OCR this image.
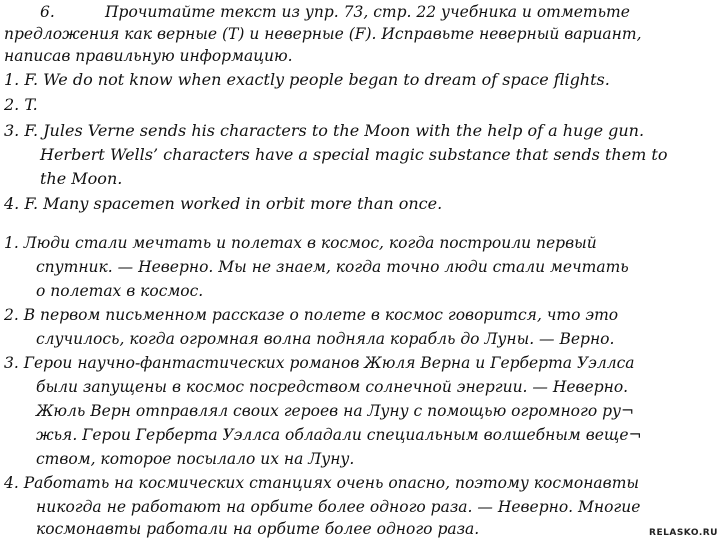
6.	Прочитайте текст из упр. 73, стр. 22 учебника и отметьте
предложения как верные (T) и неверные (F). Исправьте неверный вариант,
написав правильную информацию.
1. F. We do not know when exactly people began to dream of space flights.
2. T.
3. F. Jules Verne sends his characters to the Moon with the help of a huge gun.
Herbert Wells’ characters have a special magic substance that sends them to
the Moon.
4. F. Many spacemen worked in orbit more than once.
1. Люди стали мечтать и полетах в космос, когда построили первый
спутник. — Неверно. Мы не знаем, когда точно люди стали мечтать
о полетах в космос.
2. В первом письменном рассказе о полете в космос говорится, что это
случилось, когда огромная волна подняла корабль до Луны. — Верно.
3. Герои научно-фантастических романов Жюля Верна и Герберта Уэллса
были запущены в космос посредством солнечной энергии. — Неверно.
Жюль Верн отправлял своих героев на Луну с помощью огромного ру¬
жья. Герои Герберта Уэллса обладали специальным волшебным веще¬
ством, которое посылало их на Луну.
4. Работать на космических станциях очень опасно, поэтому космонавты
никогда не работают на орбите более одного раза. — Неверно. Многие
космонавты работали на орбите более одного раза.	RELASKO.RU
